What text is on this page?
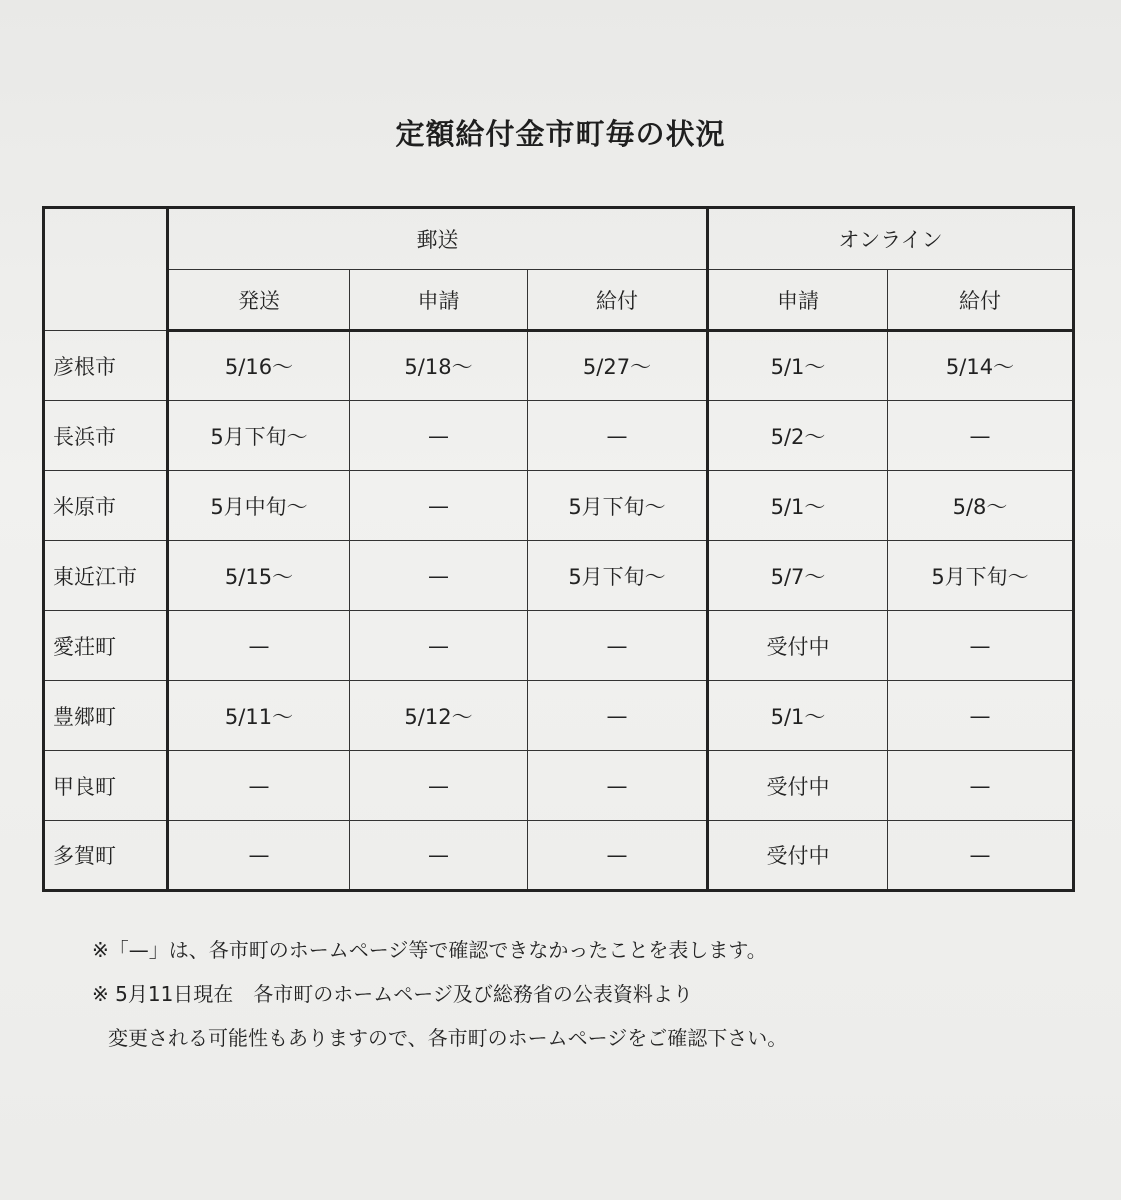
定額給付金市町毎の状況
	郵送			オンライン	
	発送	申請	給付	申請	給付
彦根市	5/16〜	5/18〜	5/27〜	5/1〜	5/14〜
長浜市	5月下旬〜	—	—	5/2〜	—
米原市	5月中旬〜	—	5月下旬〜	5/1〜	5/8〜
東近江市	5/15〜	—	5月下旬〜	5/7〜	5月下旬〜
愛荘町	—	—	—	受付中	—
豊郷町	5/11〜	5/12〜	—	5/1〜	—
甲良町	—	—	—	受付中	—
多賀町	—	—	—	受付中	—
※「—」は、各市町のホームページ等で確認できなかったことを表します。
※ 5月11日現在　各市町のホームページ及び総務省の公表資料より
変更される可能性もありますので、各市町のホームページをご確認下さい。
